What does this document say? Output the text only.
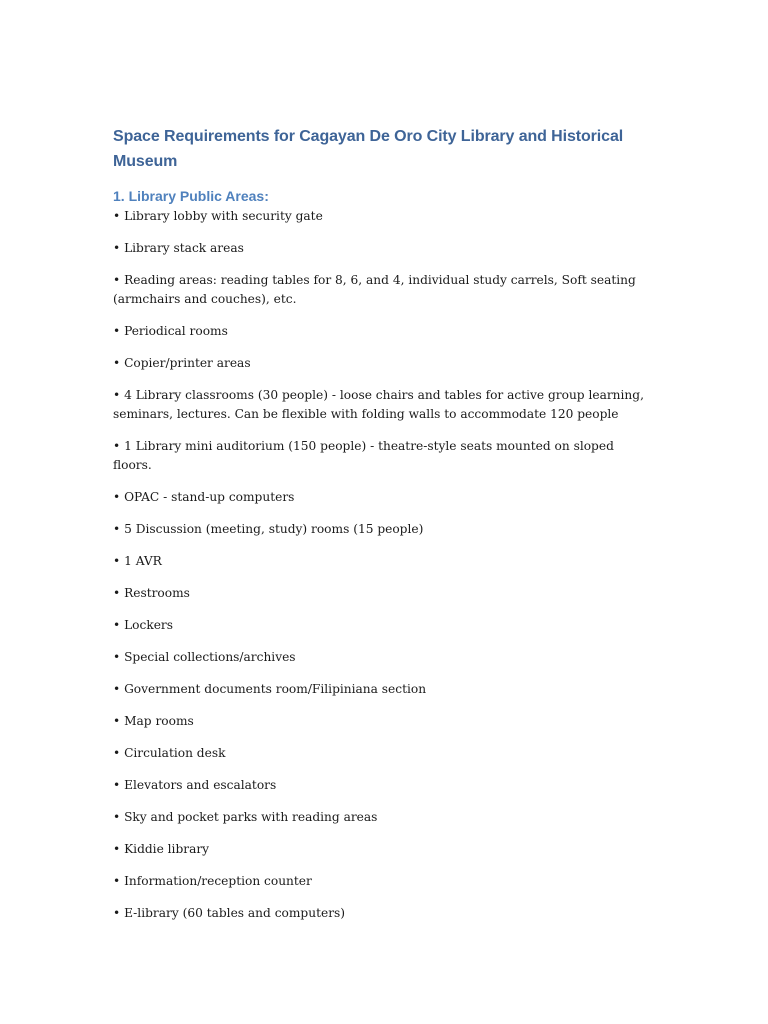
Space Requirements for Cagayan De Oro City Library and Historical Museum
1. Library Public Areas:
• Library lobby with security gate
• Library stack areas
• Reading areas: reading tables for 8, 6, and 4, individual study carrels, Soft seating (armchairs and couches), etc.
• Periodical rooms
• Copier/printer areas
• 4 Library classrooms (30 people) - loose chairs and tables for active group learning, seminars, lectures. Can be flexible with folding walls to accommodate 120 people
• 1 Library mini auditorium (150 people) - theatre-style seats mounted on sloped floors.
• OPAC - stand-up computers
• 5 Discussion (meeting, study) rooms (15 people)
• 1 AVR
• Restrooms
• Lockers
• Special collections/archives
• Government documents room/Filipiniana section
• Map rooms
• Circulation desk
• Elevators and escalators
• Sky and pocket parks with reading areas
• Kiddie library
• Information/reception counter
• E-library (60 tables and computers)
